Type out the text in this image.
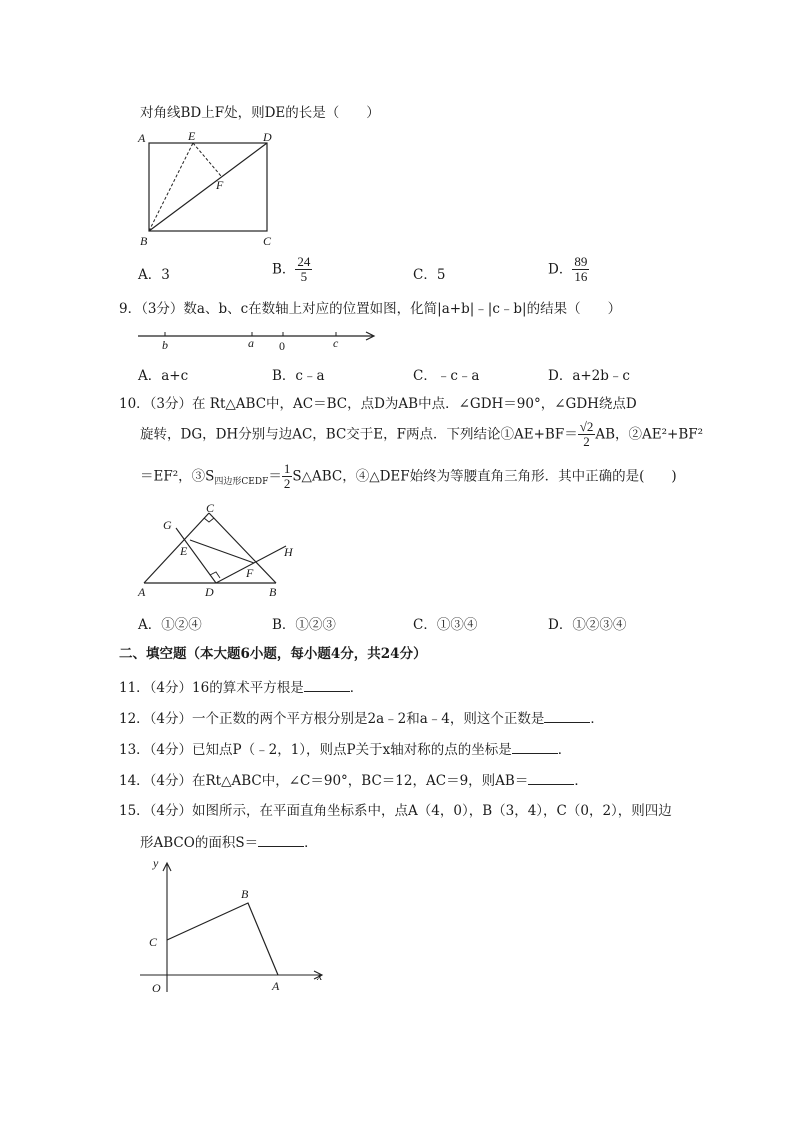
对角线BD上F处，则DE的长是（　　）
A	E	D
F
B	C
A．3	B． $\frac{24}{5}$	C．5	D． $\frac{89}{16}$
9．（3分）数a、b、c在数轴上对应的位置如图，化简|a+b|﹣|c﹣b|的结果（　　）
b	a 0	c
A．a+c	B．c﹣a	C．﹣c﹣a	D．a+2b﹣c
10．（3分）在 Rt△ABC中，AC＝BC，点D为AB中点．∠GDH＝90°，∠GDH绕点D
旋转，DG，DH分别与边AC，BC交于E，F两点．下列结论①AE+BF＝ $\frac{√2}{2}$ AB，②AE²+BF²
＝EF²，$③S_{四边形CEDF}= \frac{1}{2}$ S△ABC，④△DEF始终为等腰直角三角形．其中正确的是(　　)
G
C
E	H
F
A	D	B
A．①②④	B．①②③	C．①③④	D．①②③④
二、填空题（本大题6小题，每小题4分，共24分）
11．（4分）16的算术平方根是	．
12．（4分）一个正数的两个平方根分别是2a﹣2和a﹣4，则这个正数是	．
13．（4分）已知点P（﹣2，1），则点P关于x轴对称的点的坐标是	．
14．（4分）在Rt△ABC中，∠C＝90°，BC＝12，AC＝9，则AB＝	．
15．（4分）如图所示，在平面直角坐标系中，点A（4，0），B（3，4），C（0，2），则四边
形ABCO的面积S＝	．
y
x
O	A
B
C
